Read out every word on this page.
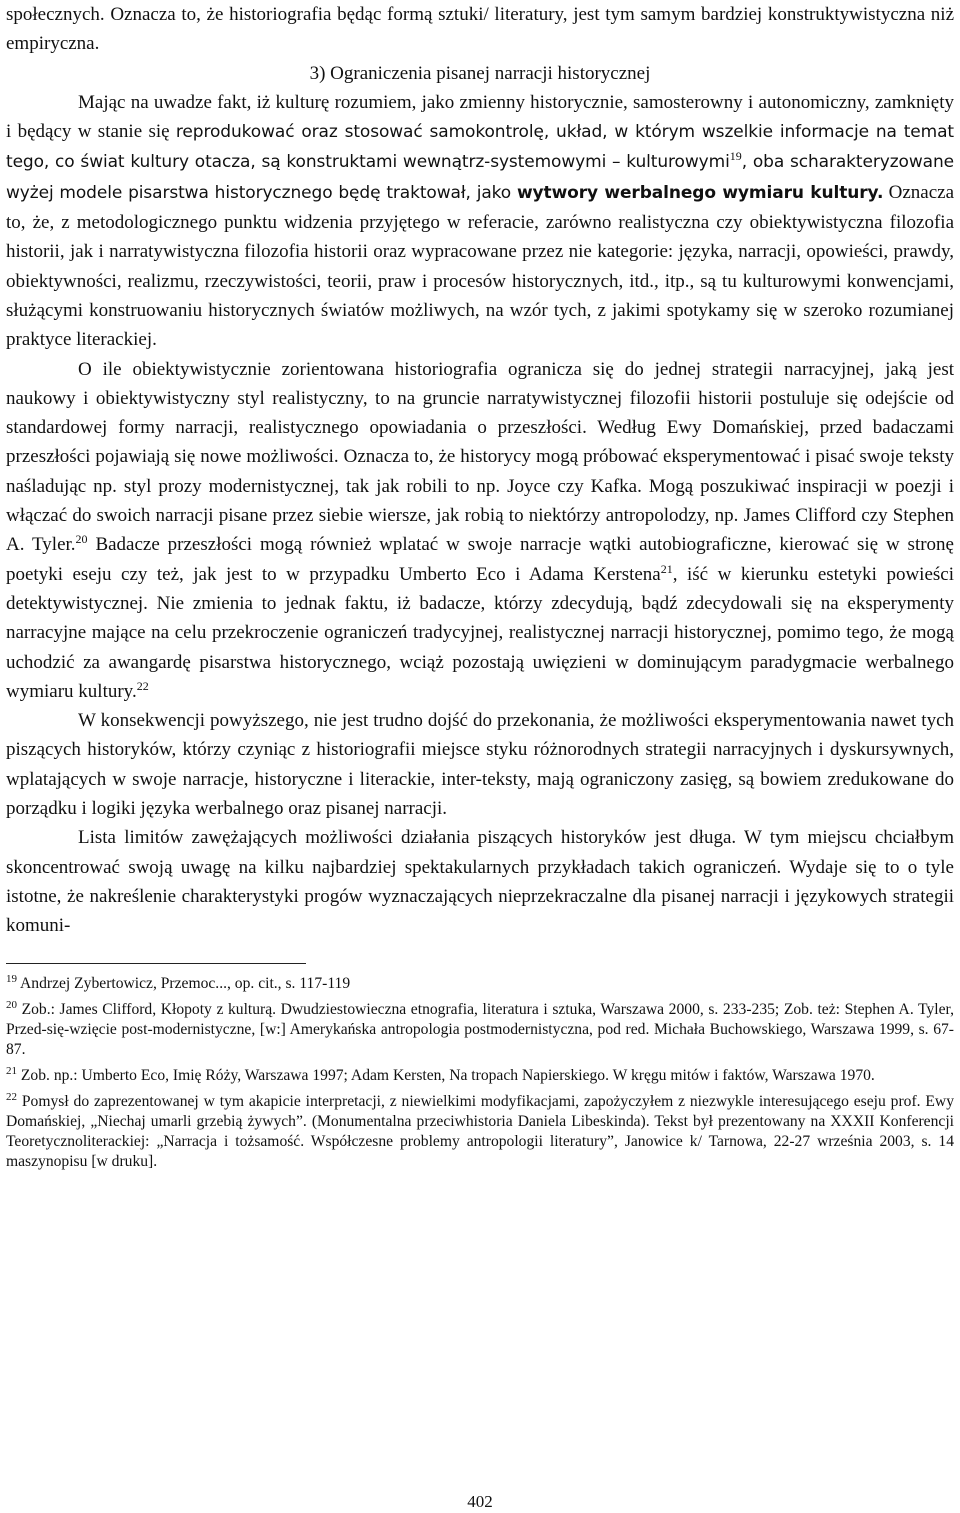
społecznych. Oznacza to, że historiografia będąc formą sztuki/ literatury, jest tym samym bardziej konstruktywistyczna niż empiryczna.

3) Ograniczenia pisanej narracji historycznej

Mając na uwadze fakt, iż kulturę rozumiem, jako zmienny historycznie, samosterowny i autonomiczny, zamknięty i będący w stanie się reprodukować oraz stosować samokontrolę, układ, w którym wszelkie informacje na temat tego, co świat kultury otacza, są konstruktami wewnątrz-systemowymi – kulturowymi$^{19}$, oba scharakteryzowane wyżej modele pisarstwa historycznego będę traktował, jako wytwory werbalnego wymiaru kultury. Oznacza to, że, z metodologicznego punktu widzenia przyjętego w referacie, zarówno realistyczna czy obiektywistyczna filozofia historii, jak i narratywistyczna filozofia historii oraz wypracowane przez nie kategorie: języka, narracji, opowieści, prawdy, obiektywności, realizmu, rzeczywistości, teorii, praw i procesów historycznych, itd., itp., są tu kulturowymi konwencjami, służącymi konstruowaniu historycznych światów możliwych, na wzór tych, z jakimi spotykamy się w szeroko rozumianej praktyce literackiej.

O ile obiektywistycznie zorientowana historiografia ogranicza się do jednej strategii narracyjnej, jaką jest naukowy i obiektywistyczny styl realistyczny, to na gruncie narratywistycznej filozofii historii postuluje się odejście od standardowej formy narracji, realistycznego opowiadania o przeszłości. Według Ewy Domańskiej, przed badaczami przeszłości pojawiają się nowe możliwości. Oznacza to, że historycy mogą próbować eksperymentować i pisać swoje teksty naśladując np. styl prozy modernistycznej, tak jak robili to np. Joyce czy Kafka. Mogą poszukiwać inspiracji w poezji i włączać do swoich narracji pisane przez siebie wiersze, jak robią to niektórzy antropolodzy, np. James Clifford czy Stephen A. Tyler.$^{20}$ Badacze przeszłości mogą również wplatać w swoje narracje wątki autobiograficzne, kierować się w stronę poetyki eseju czy też, jak jest to w przypadku Umberto Eco i Adama Kerstena$^{21}$, iść w kierunku estetyki powieści detektywistycznej. Nie zmienia to jednak faktu, iż badacze, którzy zdecydują, bądź zdecydowali się na eksperymenty narracyjne mające na celu przekroczenie ograniczeń tradycyjnej, realistycznej narracji historycznej, pomimo tego, że mogą uchodzić za awangardę pisarstwa historycznego, wciąż pozostają uwięzieni w dominującym paradygmacie werbalnego wymiaru kultury.$^{22}$

W konsekwencji powyższego, nie jest trudno dojść do przekonania, że możliwości eksperymentowania nawet tych piszących historyków, którzy czyniąc z historiografii miejsce styku różnorodnych strategii narracyjnych i dyskursywnych, wplatających w swoje narracje, historyczne i literackie, inter-teksty, mają ograniczony zasięg, są bowiem zredukowane do porządku i logiki języka werbalnego oraz pisanej narracji.

Lista limitów zawężających możliwości działania piszących historyków jest długa. W tym miejscu chciałbym skoncentrować swoją uwagę na kilku najbardziej spektakularnych przykładach takich ograniczeń. Wydaje się to o tyle istotne, że nakreślenie charakterystyki progów wyznaczających nieprzekraczalne dla pisanej narracji i językowych strategii komuni-

$^{19}$ Andrzej Zybertowicz, Przemoc..., op. cit., s. 117-119

$^{20}$ Zob.: James Clifford, Kłopoty z kulturą. Dwudziestowieczna etnografia, literatura i sztuka, Warszawa 2000, s. 233-235; Zob. też: Stephen A. Tyler, Przed-się-wzięcie post-modernistyczne, [w:] Amerykańska antropologia postmodernistyczna, pod red. Michała Buchowskiego, Warszawa 1999, s. 67-87.

$^{21}$ Zob. np.: Umberto Eco, Imię Róży, Warszawa 1997; Adam Kersten, Na tropach Napierskiego. W kręgu mitów i faktów, Warszawa 1970.

$^{22}$ Pomysł do zaprezentowanej w tym akapicie interpretacji, z niewielkimi modyfikacjami, zapożyczyłem z niezwykle interesującego eseju prof. Ewy Domańskiej, „Niechaj umarli grzebią żywych”. (Monumentalna przeciwhistoria Daniela Libeskinda). Tekst był prezentowany na XXXII Konferencji Teoretycznoliterackiej: „Narracja i tożsamość. Współczesne problemy antropologii literatury”, Janowice k/ Tarnowa, 22-27 września 2003, s. 14 maszynopisu [w druku].

402
